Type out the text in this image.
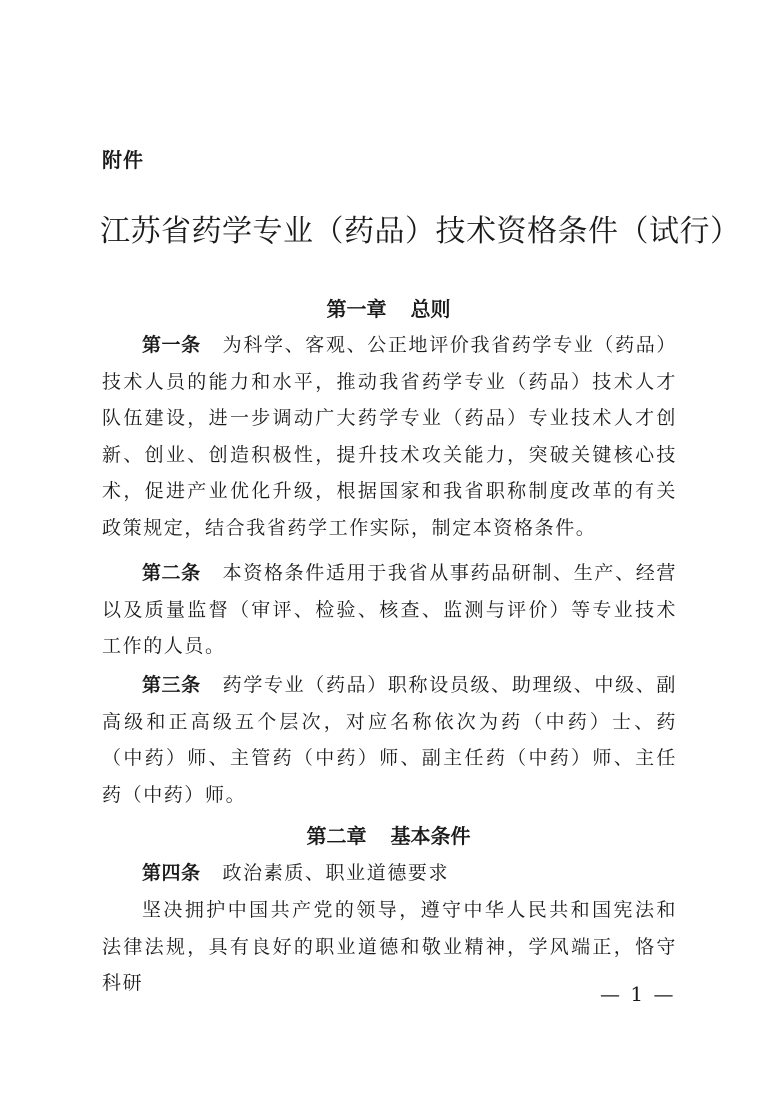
附件
江苏省药学专业（药品）技术资格条件（试行）
第一章 总则
第一条 为科学、客观、公正地评价我省药学专业（药品）技术人员的能力和水平，推动我省药学专业（药品）技术人才队伍建设，进一步调动广大药学专业（药品）专业技术人才创新、创业、创造积极性，提升技术攻关能力，突破关键核心技术，促进产业优化升级，根据国家和我省职称制度改革的有关政策规定，结合我省药学工作实际，制定本资格条件。
第二条 本资格条件适用于我省从事药品研制、生产、经营以及质量监督（审评、检验、核查、监测与评价）等专业技术工作的人员。
第三条 药学专业（药品）职称设员级、助理级、中级、副高级和正高级五个层次，对应名称依次为药（中药）士、药（中药）师、主管药（中药）师、副主任药（中药）师、主任药（中药）师。
第二章 基本条件
第四条 政治素质、职业道德要求
坚决拥护中国共产党的领导，遵守中华人民共和国宪法和法律法规，具有良好的职业道德和敬业精神，学风端正，恪守科研	— 1 —
